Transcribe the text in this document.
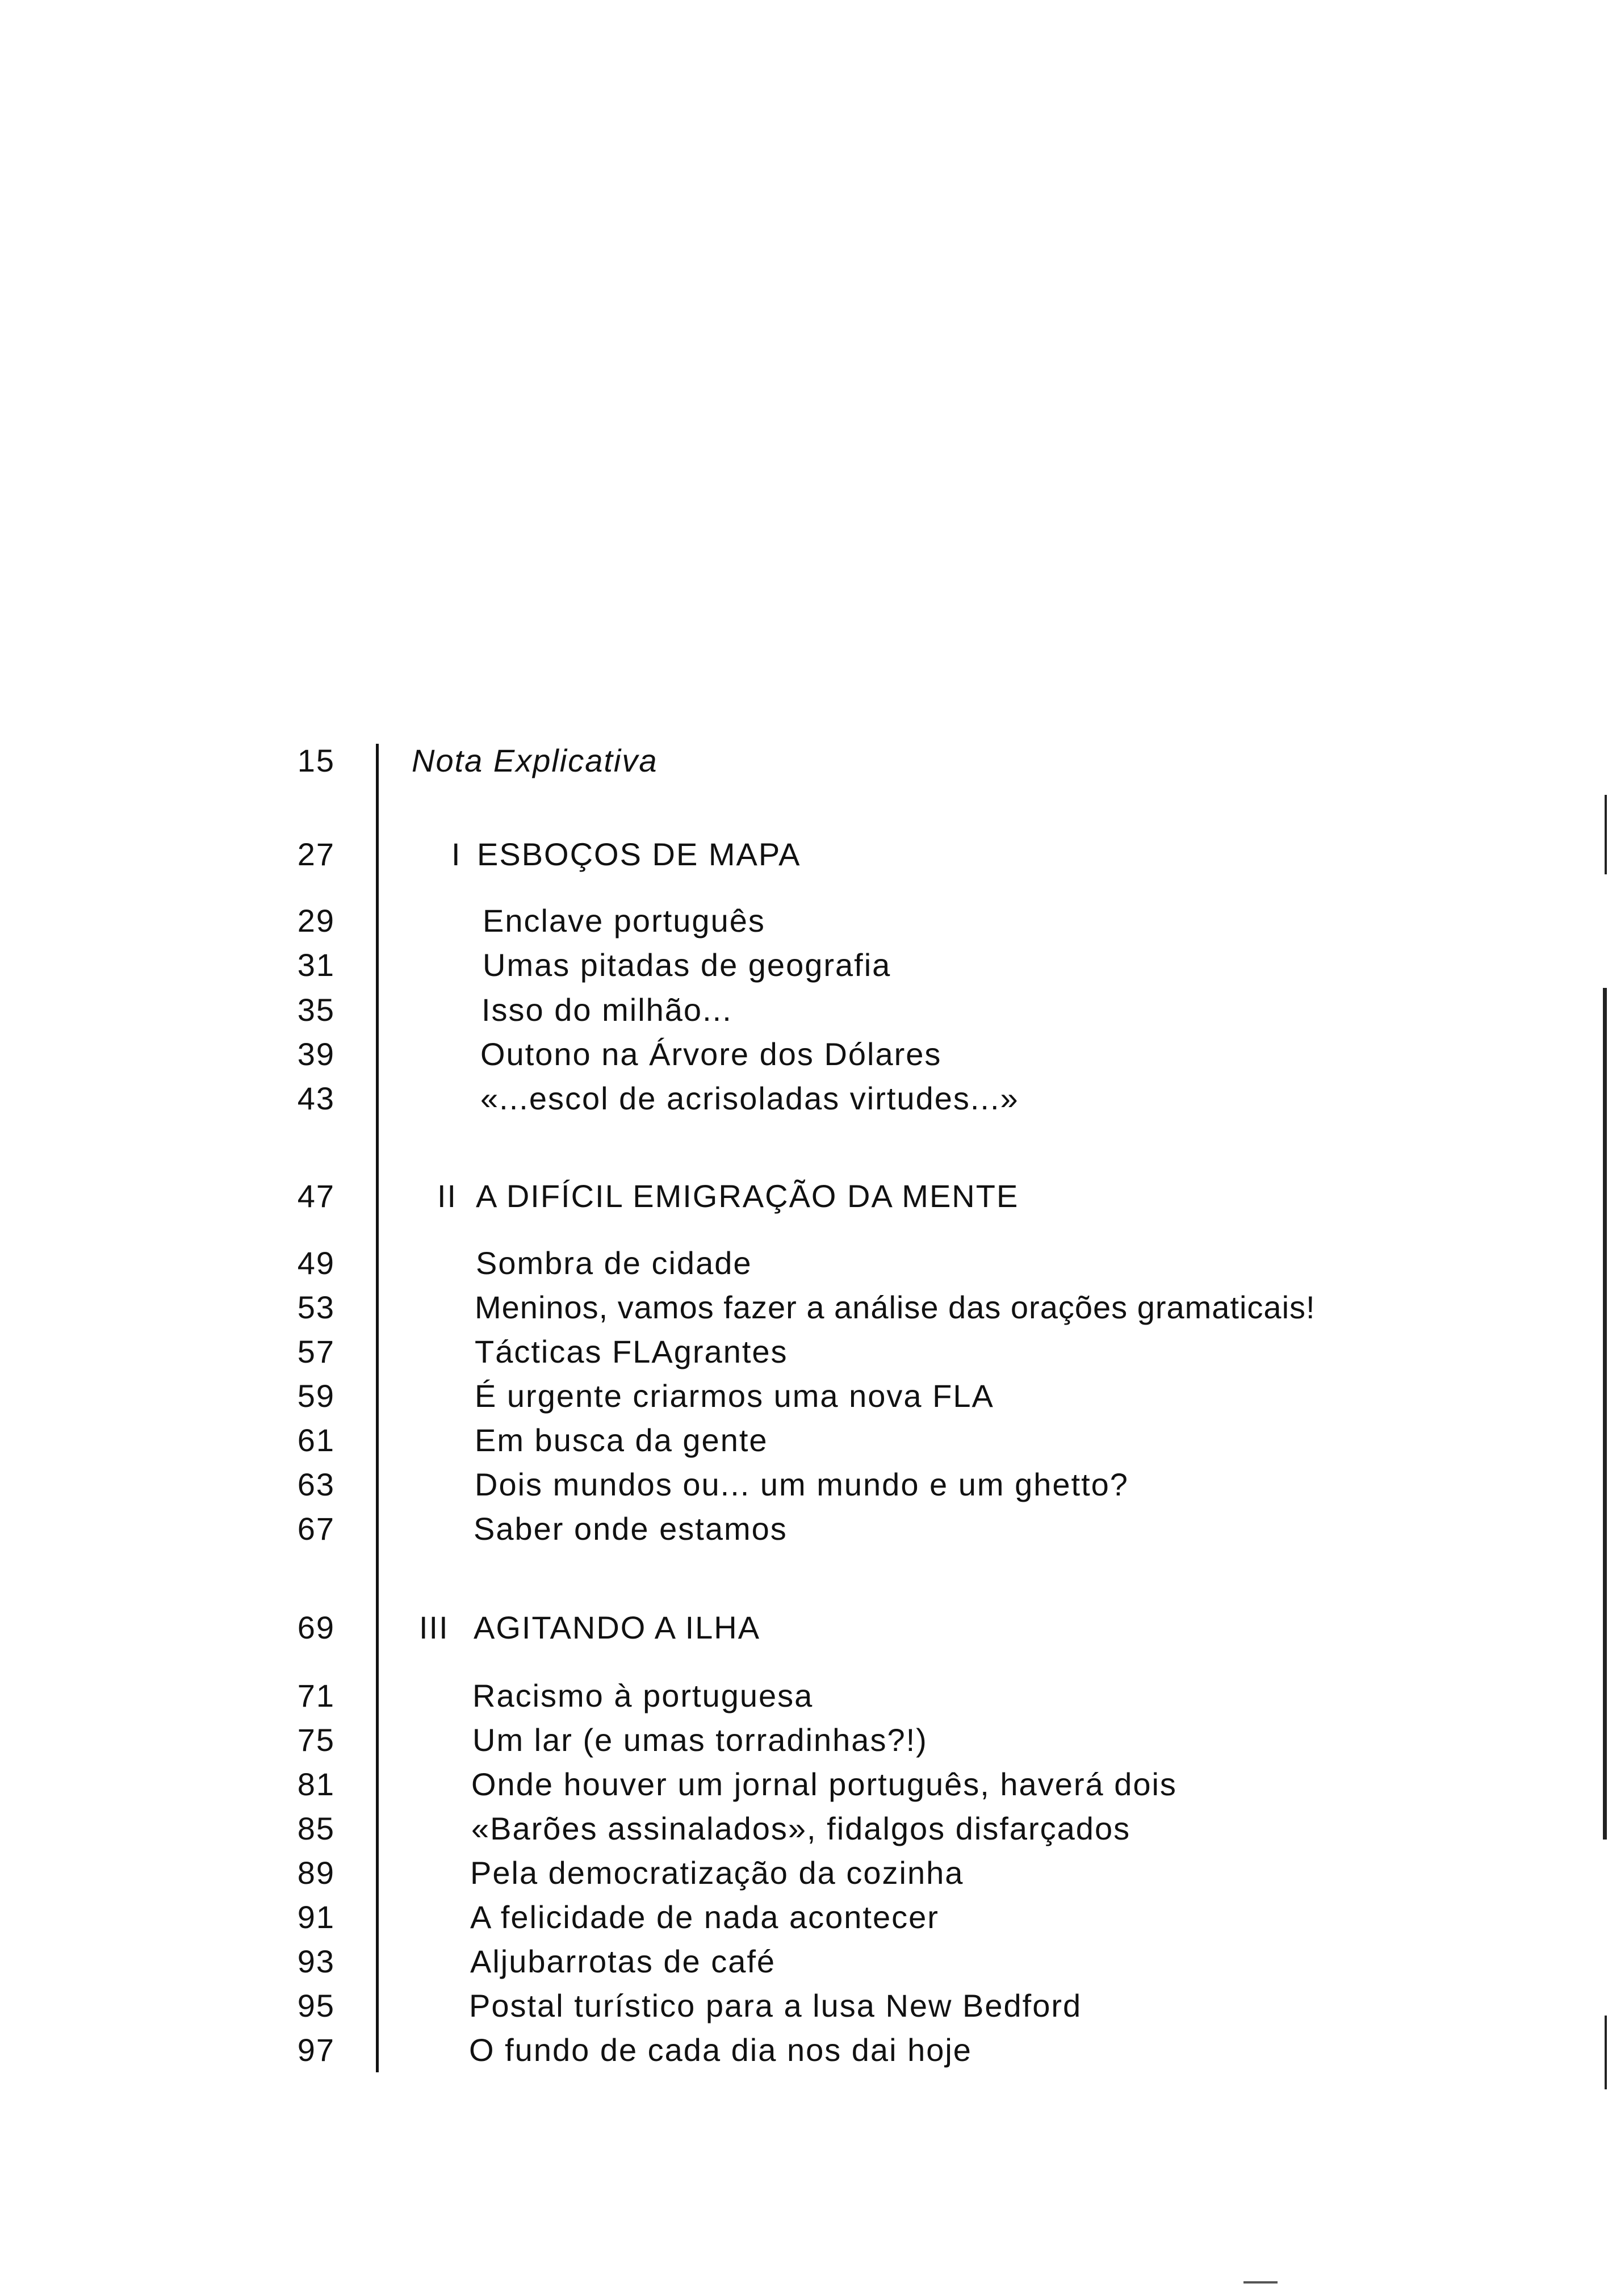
15 Nota Explicativa
27	I ESBOÇOS DE MAPA
29	Enclave português
31	Umas pitadas de geografia
35	Isso do milhão...
39	Outono na Árvore dos Dólares
43	«...escol de acrisoladas virtudes...»
47	II A DIFÍCIL EMIGRAÇÃO DA MENTE
49	Sombra de cidade
53	Meninos, vamos fazer a análise das orações gramaticais!
57	Tácticas FLAgrantes
59	É urgente criarmos uma nova FLA
61	Em busca da gente
63	Dois mundos ou... um mundo e um ghetto?
67	Saber onde estamos
69	III AGITANDO A ILHA
71	Racismo à portuguesa
75	Um lar (e umas torradinhas?!)
81	Onde houver um jornal português, haverá dois
85	«Barões assinalados», fidalgos disfarçados
89	Pela democratização da cozinha
91	A felicidade de nada acontecer
93	Aljubarrotas de café
95	Postal turístico para a lusa New Bedford
97	O fundo de cada dia nos dai hoje
